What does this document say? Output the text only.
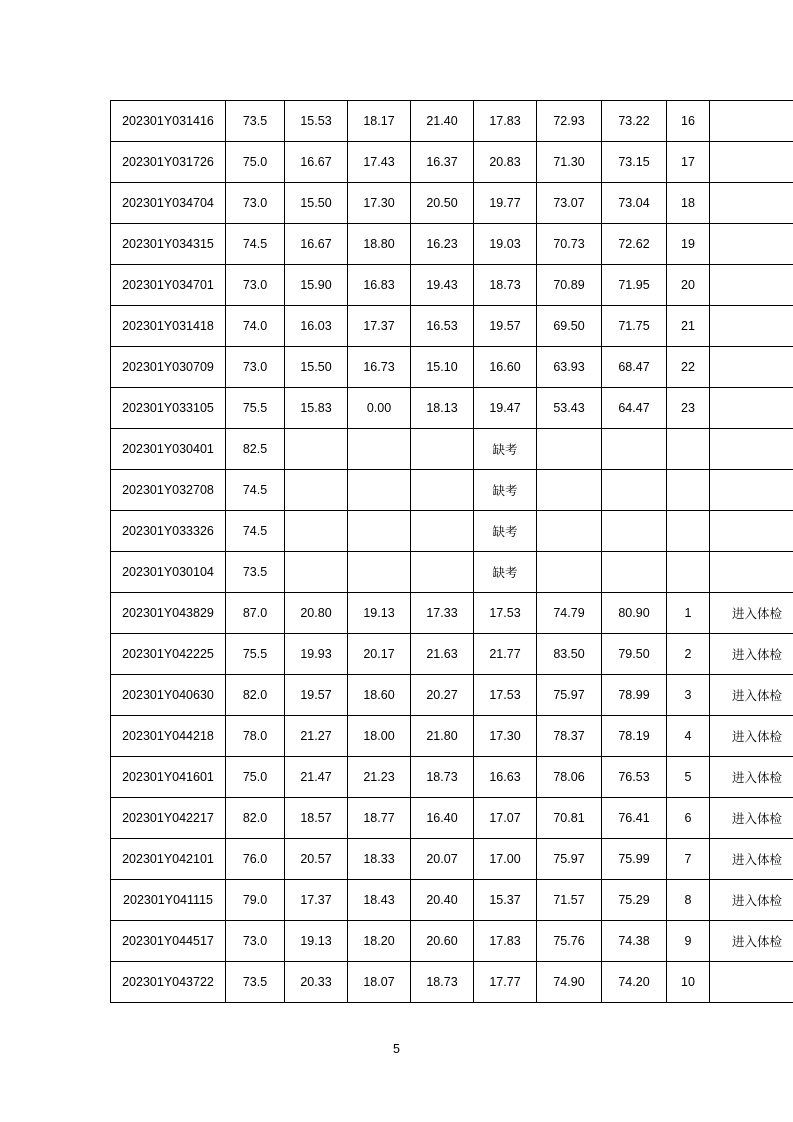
202301Y031416	73.5	15.53	18.17	21.40	17.83	72.93	73.22	16	
202301Y031726	75.0	16.67	17.43	16.37	20.83	71.30	73.15	17	
202301Y034704	73.0	15.50	17.30	20.50	19.77	73.07	73.04	18	
202301Y034315	74.5	16.67	18.80	16.23	19.03	70.73	72.62	19	
202301Y034701	73.0	15.90	16.83	19.43	18.73	70.89	71.95	20	
202301Y031418	74.0	16.03	17.37	16.53	19.57	69.50	71.75	21	
202301Y030709	73.0	15.50	16.73	15.10	16.60	63.93	68.47	22	
202301Y033105	75.5	15.83	0.00	18.13	19.47	53.43	64.47	23	
202301Y030401	82.5				缺考				
202301Y032708	74.5				缺考				
202301Y033326	74.5				缺考				
202301Y030104	73.5				缺考				
202301Y043829	87.0	20.80	19.13	17.33	17.53	74.79	80.90	1	进入体检
202301Y042225	75.5	19.93	20.17	21.63	21.77	83.50	79.50	2	进入体检
202301Y040630	82.0	19.57	18.60	20.27	17.53	75.97	78.99	3	进入体检
202301Y044218	78.0	21.27	18.00	21.80	17.30	78.37	78.19	4	进入体检
202301Y041601	75.0	21.47	21.23	18.73	16.63	78.06	76.53	5	进入体检
202301Y042217	82.0	18.57	18.77	16.40	17.07	70.81	76.41	6	进入体检
202301Y042101	76.0	20.57	18.33	20.07	17.00	75.97	75.99	7	进入体检
202301Y041115	79.0	17.37	18.43	20.40	15.37	71.57	75.29	8	进入体检
202301Y044517	73.0	19.13	18.20	20.60	17.83	75.76	74.38	9	进入体检
202301Y043722	73.5	20.33	18.07	18.73	17.77	74.90	74.20	10	
5
